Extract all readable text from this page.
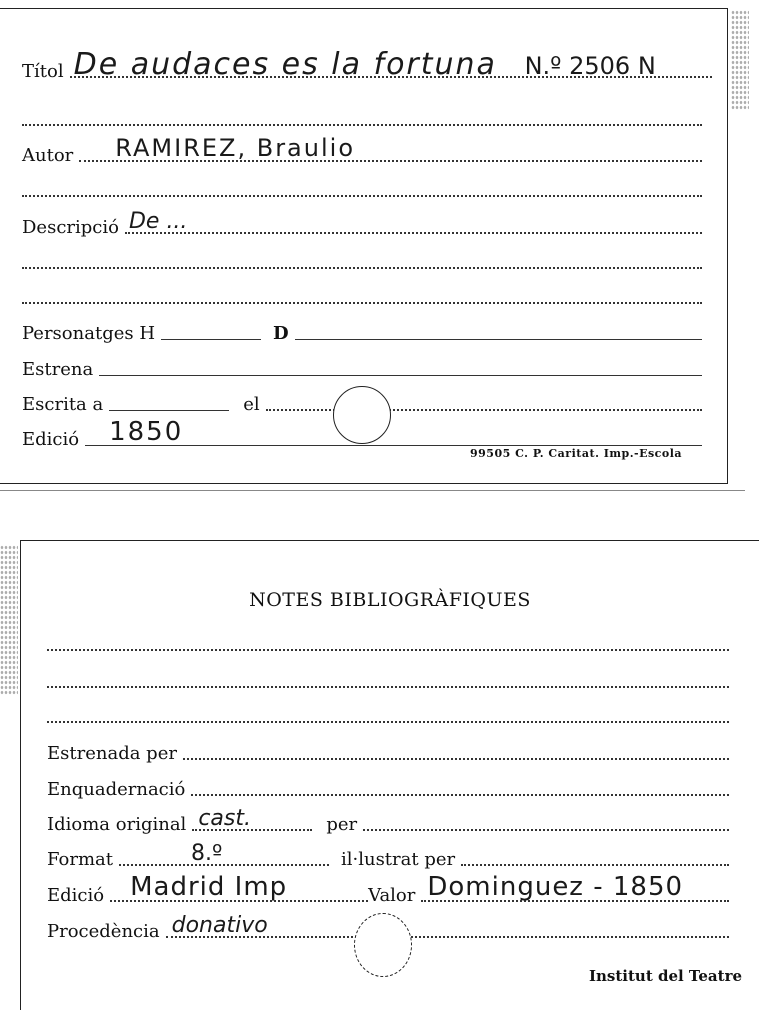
Títol De audaces es la fortuna N.º 2506 N
Autor RAMIREZ, Braulio
Descripció De ...
Personatges H	D
Estrena
Escrita a	el
Edició 1850
99505 C. P. Caritat. Imp.-Escola
NOTES BIBLIOGRÀFIQUES
Estrenada per
Enquadernació
Idioma original cast.	per
Format	8.º	il·lustrat per
Edició Madrid Imp	Valor Dominguez - 1850
Procedència donativo
Institut del Teatre
